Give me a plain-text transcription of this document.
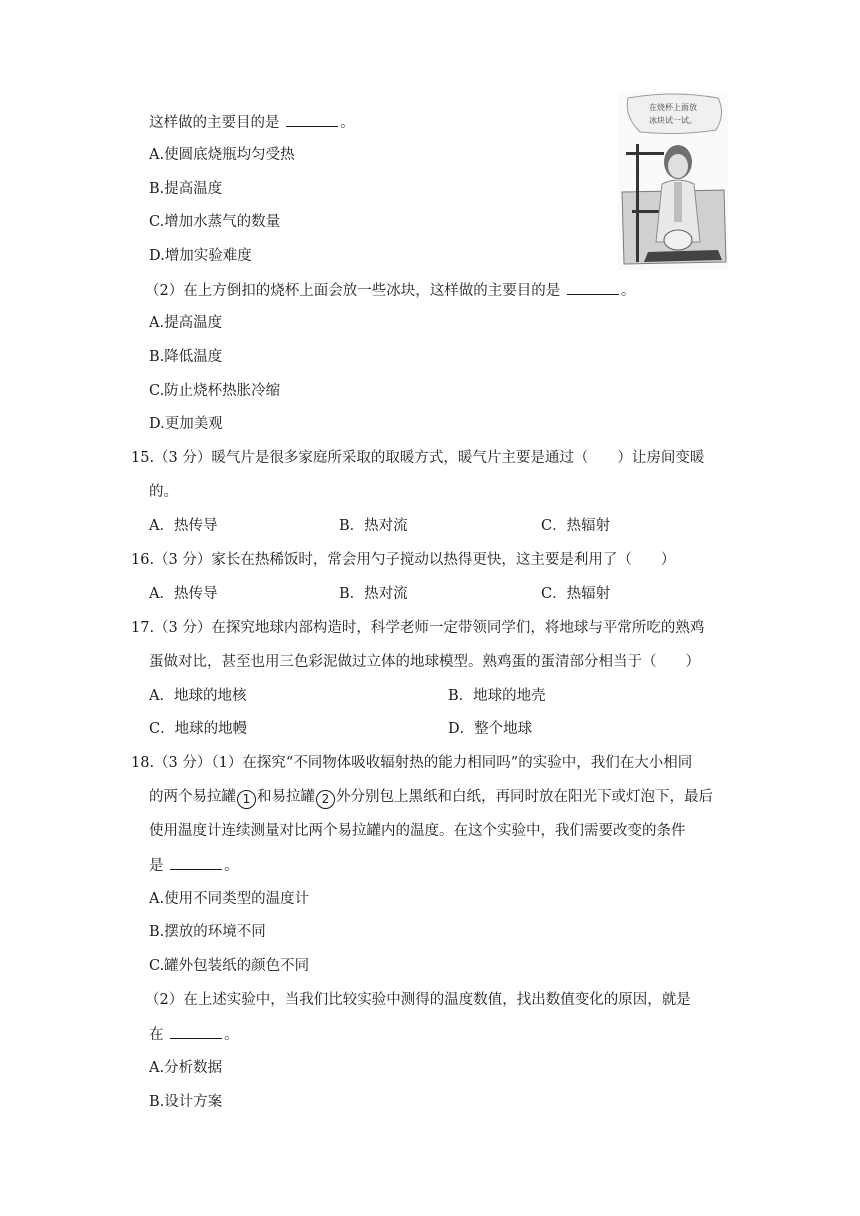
这样做的主要目的是	。
A.使圆底烧瓶均匀受热
B.提高温度
C.增加水蒸气的数量
D.增加实验难度
（2）在上方倒扣的烧杯上面会放一些冰块，这样做的主要目的是	。
A.提高温度
B.降低温度
C.防止烧杯热胀冷缩
D.更加美观
15.（3 分）暖气片是很多家庭所采取的取暖方式，暖气片主要是通过（　　）让房间变暖
的。
A．热传导	B．热对流	C．热辐射
16.（3 分）家长在热稀饭时，常会用勺子搅动以热得更快，这主要是利用了（　　）
A．热传导	B．热对流	C．热辐射
17.（3 分）在探究地球内部构造时，科学老师一定带领同学们，将地球与平常所吃的熟鸡
蛋做对比，甚至也用三色彩泥做过立体的地球模型。熟鸡蛋的蛋清部分相当于（　　）
A．地球的地核	B．地球的地壳
C．地球的地幔	D．整个地球
18.（3 分）（1）在探究“不同物体吸收辐射热的能力相同吗”的实验中，我们在大小相同
的两个易拉罐 1 和易拉罐 2 外分别包上黑纸和白纸，再同时放在阳光下或灯泡下，最后
使用温度计连续测量对比两个易拉罐内的温度。在这个实验中，我们需要改变的条件
是	。
A.使用不同类型的温度计
B.摆放的环境不同
C.罐外包装纸的颜色不同
（2）在上述实验中，当我们比较实验中测得的温度数值，找出数值变化的原因，就是
在	。
A.分析数据
B.设计方案
